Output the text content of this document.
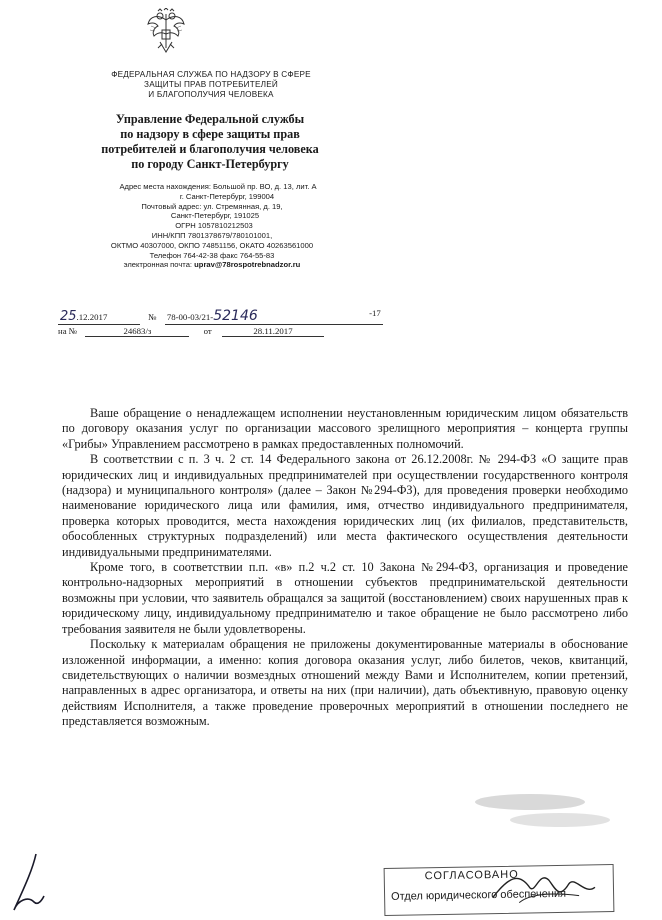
ФЕДЕРАЛЬНАЯ СЛУЖБА ПО НАДЗОРУ В СФЕРЕ
ЗАЩИТЫ ПРАВ ПОТРЕБИТЕЛЕЙ
И БЛАГОПОЛУЧИЯ ЧЕЛОВЕКА
Управление Федеральной службы
по надзору в сфере защиты прав
потребителей и благополучия человека
по городу Санкт-Петербургу
Адрес места нахождения: Большой пр. ВО, д. 13, лит. А
г. Санкт-Петербург, 199004
Почтовый адрес: ул. Стремянная, д. 19,
Санкт-Петербург, 191025
ОГРН 1057810212503
ИНН/КПП 7801378679/780101001,
ОКТМО 40307000, ОКПО 74851156, ОКАТО 40263561000
Телефон 764-42-38 факс 764-55-83
электронная почта: uprav@78rospotrebnadzor.ru
25.12.2017	№ 78-00-03/21-52146	-17
на №	24683/з	от	28.11.2017

Ваше обращение о ненадлежащем исполнении неустановленным юридическим лицом обязательств по договору оказания услуг по организации массового зрелищного мероприятия – концерта группы «Грибы» Управлением рассмотрено в рамках предоставленных полномочий.

В соответствии с п. 3 ч. 2 ст. 14 Федерального закона от 26.12.2008г. № 294-ФЗ «О защите прав юридических лиц и индивидуальных предпринимателей при осуществлении государственного контроля (надзора) и муниципального контроля» (далее – Закон №294-ФЗ), для проведения проверки необходимо наименование юридического лица или фамилия, имя, отчество индивидуального предпринимателя, проверка которых проводится, места нахождения юридических лиц (их филиалов, представительств, обособленных структурных подразделений) или места фактического осуществления деятельности индивидуальными предпринимателями.

Кроме того, в соответствии п.п. «в» п.2 ч.2 ст. 10 Закона №294-ФЗ, организация и проведение контрольно-надзорных мероприятий в отношении субъектов предпринимательской деятельности возможны при условии, что заявитель обращался за защитой (восстановлением) своих нарушенных прав к юридическому лицу, индивидуальному предпринимателю и такое обращение не было рассмотрено либо требования заявителя не были удовлетворены.

Поскольку к материалам обращения не приложены документированные материалы в обоснование изложенной информации, а именно: копия договора оказания услуг, либо билетов, чеков, квитанций, свидетельствующих о наличии возмездных отношений между Вами и Исполнителем, копии претензий, направленных в адрес организатора, и ответы на них (при наличии), дать объективную, правовую оценку действиям Исполнителя, а также проведение проверочных мероприятий в отношении последнего не представляется возможным.

СОГЛАСОВАНО
Отдел юридического обеспечения
